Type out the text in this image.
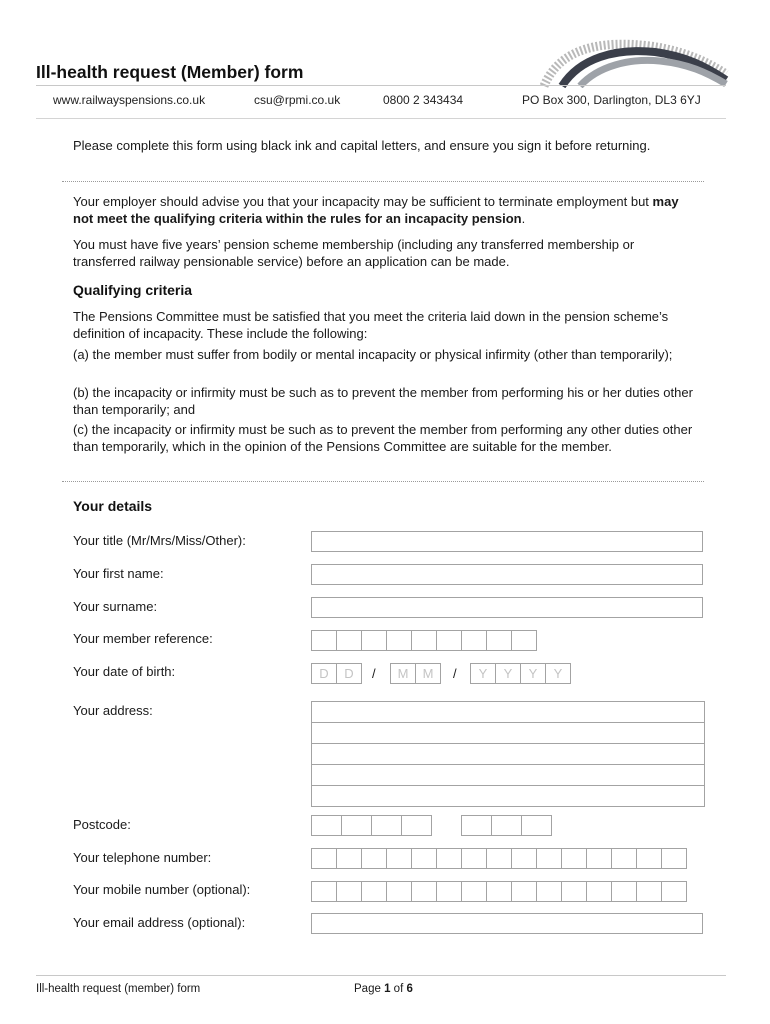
Ill-health request (Member) form
www.railwayspensions.co.uk	csu@rpmi.co.uk	0800 2 343434	PO Box 300, Darlington, DL3 6YJ

Please complete this form using black ink and capital letters, and ensure you sign it before returning.

Your employer should advise you that your incapacity may be sufficient to terminate employment but may not meet the qualifying criteria within the rules for an incapacity pension.

You must have five years’ pension scheme membership (including any transferred membership or transferred railway pensionable service) before an application can be made.

Qualifying criteria

The Pensions Committee must be satisfied that you meet the criteria laid down in the pension scheme’s definition of incapacity. These include the following:

(a) the member must suffer from bodily or mental incapacity or physical infirmity (other than temporarily);

(b) the incapacity or infirmity must be such as to prevent the member from performing his or her duties other than temporarily; and

(c) the incapacity or infirmity must be such as to prevent the member from performing any other duties other than temporarily, which in the opinion of the Pensions Committee are suitable for the member.

Your details
Your title (Mr/Mrs/Miss/Other):
Your first name:
Your surname:
Your member reference:
Your date of birth:	D	D	/	M	M	/	Y	Y	Y	Y
Your address:
Postcode:
Your telephone number:
Your mobile number (optional):
Your email address (optional):
Ill-health request (member) form	Page 1 of 6
